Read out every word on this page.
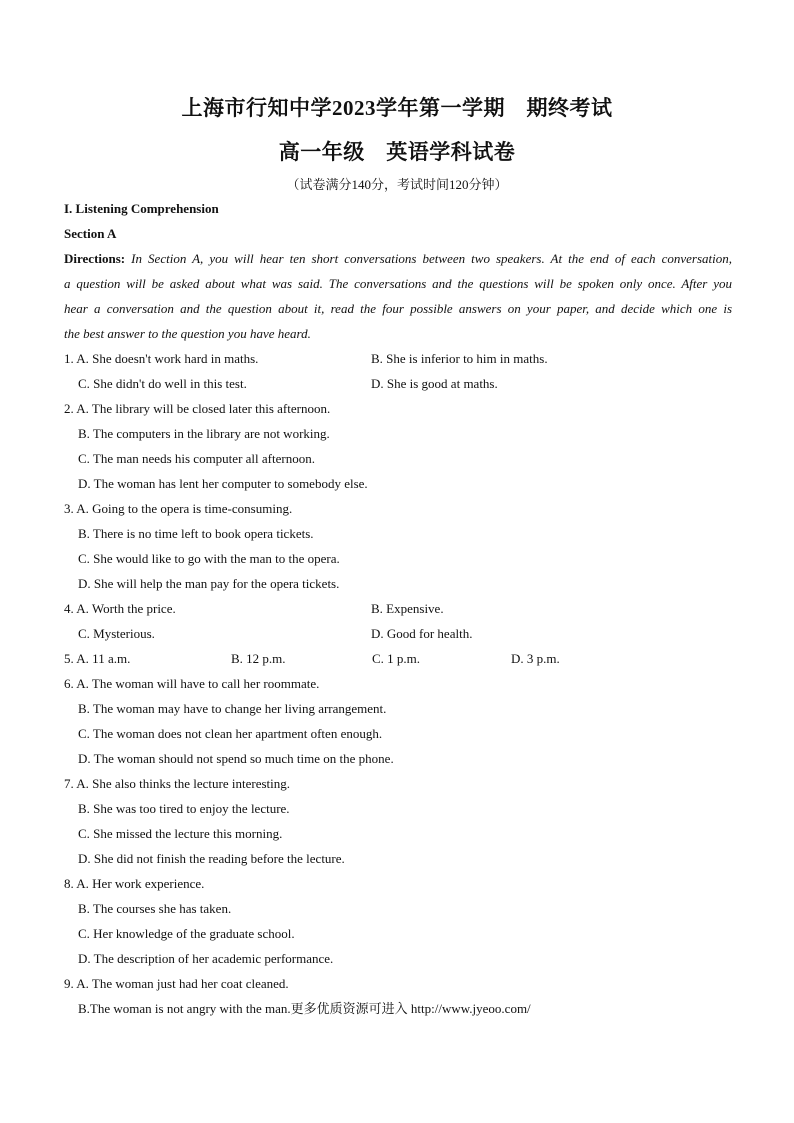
上海市行知中学2023学年第一学期　期终考试
高一年级　英语学科试卷
（试卷满分140分，考试时间120分钟）
I. Listening Comprehension
Section A
Directions: In Section A, you will hear ten short conversations between two speakers. At the end of each conversation,
a question will be asked about what was said. The conversations and the questions will be spoken only once. After you
hear a conversation and the question about it, read the four possible answers on your paper, and decide which one is
the best answer to the question you have heard.
1. A. She doesn't work hard in maths.	B. She is inferior to him in maths.
C. She didn't do well in this test.	D. She is good at maths.
2. A. The library will be closed later this afternoon.
B. The computers in the library are not working.
C. The man needs his computer all afternoon.
D. The woman has lent her computer to somebody else.
3. A. Going to the opera is time-consuming.
B. There is no time left to book opera tickets.
C. She would like to go with the man to the opera.
D. She will help the man pay for the opera tickets.
4. A. Worth the price.	B. Expensive.
C. Mysterious.	D. Good for health.
5. A. 11 a.m.	B. 12 p.m.	C. 1 p.m.	D. 3 p.m.
6. A. The woman will have to call her roommate.
B. The woman may have to change her living arrangement.
C. The woman does not clean her apartment often enough.
D. The woman should not spend so much time on the phone.
7. A. She also thinks the lecture interesting.
B. She was too tired to enjoy the lecture.
C. She missed the lecture this morning.
D. She did not finish the reading before the lecture.
8. A. Her work experience.
B. The courses she has taken.
C. Her knowledge of the graduate school.
D. The description of her academic performance.
9. A. The woman just had her coat cleaned.
B.The woman is not angry with the man.更多优质资源可进入 http://www.jyeoo.com/
